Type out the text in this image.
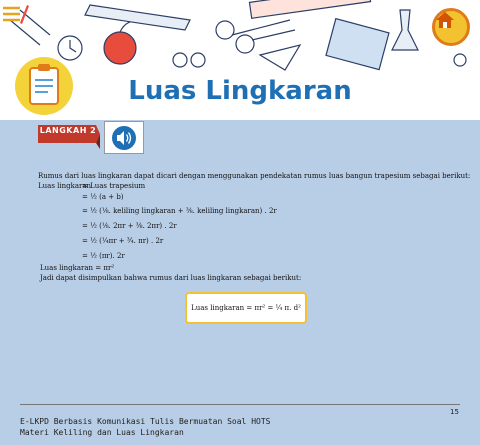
Luas Lingkaran
LANGKAH 2
Rumus dari luas lingkaran dapat dicari dengan menggunakan pendekatan rumus luas bangun trapesium sebagai berikut:
Luas lingkaran
= Luas trapesium
= ½ (a + b)
= ½ (⅛. keliling lingkaran + ⅜. keliling lingkaran) . 2r
= ½ (⅛. 2πr + ⅜. 2πr) . 2r
= ½ (¼πr + ¾. πr) . 2r
= ½ (πr). 2r
Luas lingkaran = πr²
Jadi dapat disimpulkan bahwa rumus dari luas lingkaran sebagai berikut:
Luas lingkaran = πr² = ¼ π. d²
15
E-LKPD Berbasis Komunikasi Tulis Bermuatan Soal HOTS
Materi Keliling dan Luas Lingkaran
